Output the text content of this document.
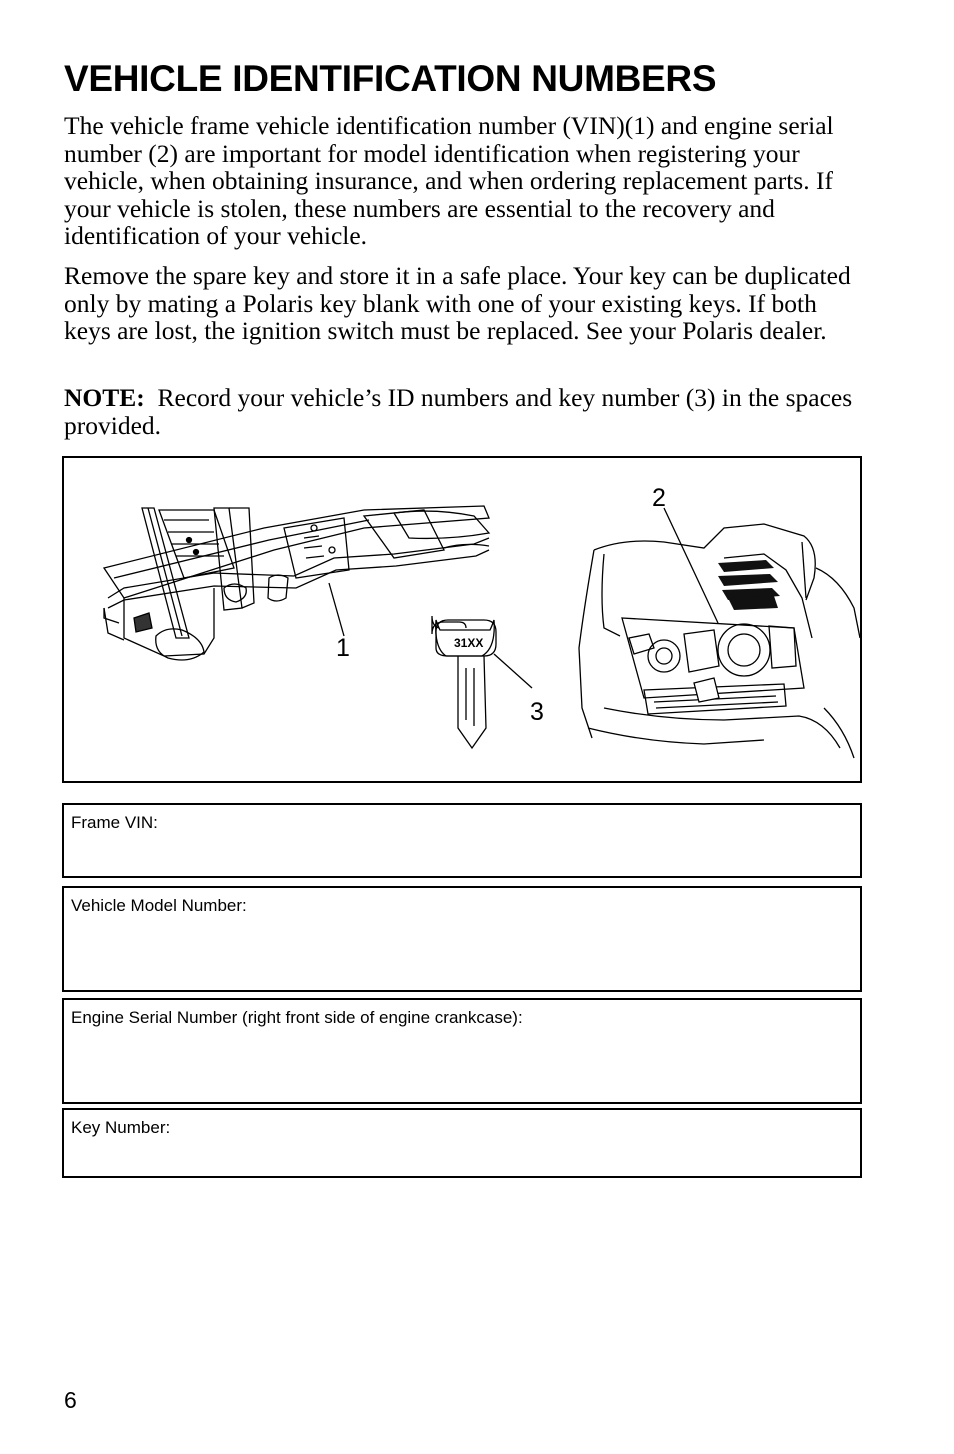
VEHICLE IDENTIFICATION NUMBERS

The vehicle frame vehicle identification number (VIN)(1) and engine serial number (2) are important for model identification when registering your vehicle, when obtaining insurance, and when ordering replacement parts. If your vehicle is stolen, these numbers are essential to the recovery and identification of your vehicle.

Remove the spare key and store it in a safe place. Your key can be duplicated only by mating a Polaris key blank with one of your existing keys. If both keys are lost, the ignition switch must be replaced. See your Polaris dealer.

NOTE: Record your vehicle’s ID numbers and key number (3) in the spaces provided.

1	31XX
3
2
Frame VIN:
Vehicle Model Number:
Engine Serial Number (right front side of engine crankcase):
Key Number:
6
